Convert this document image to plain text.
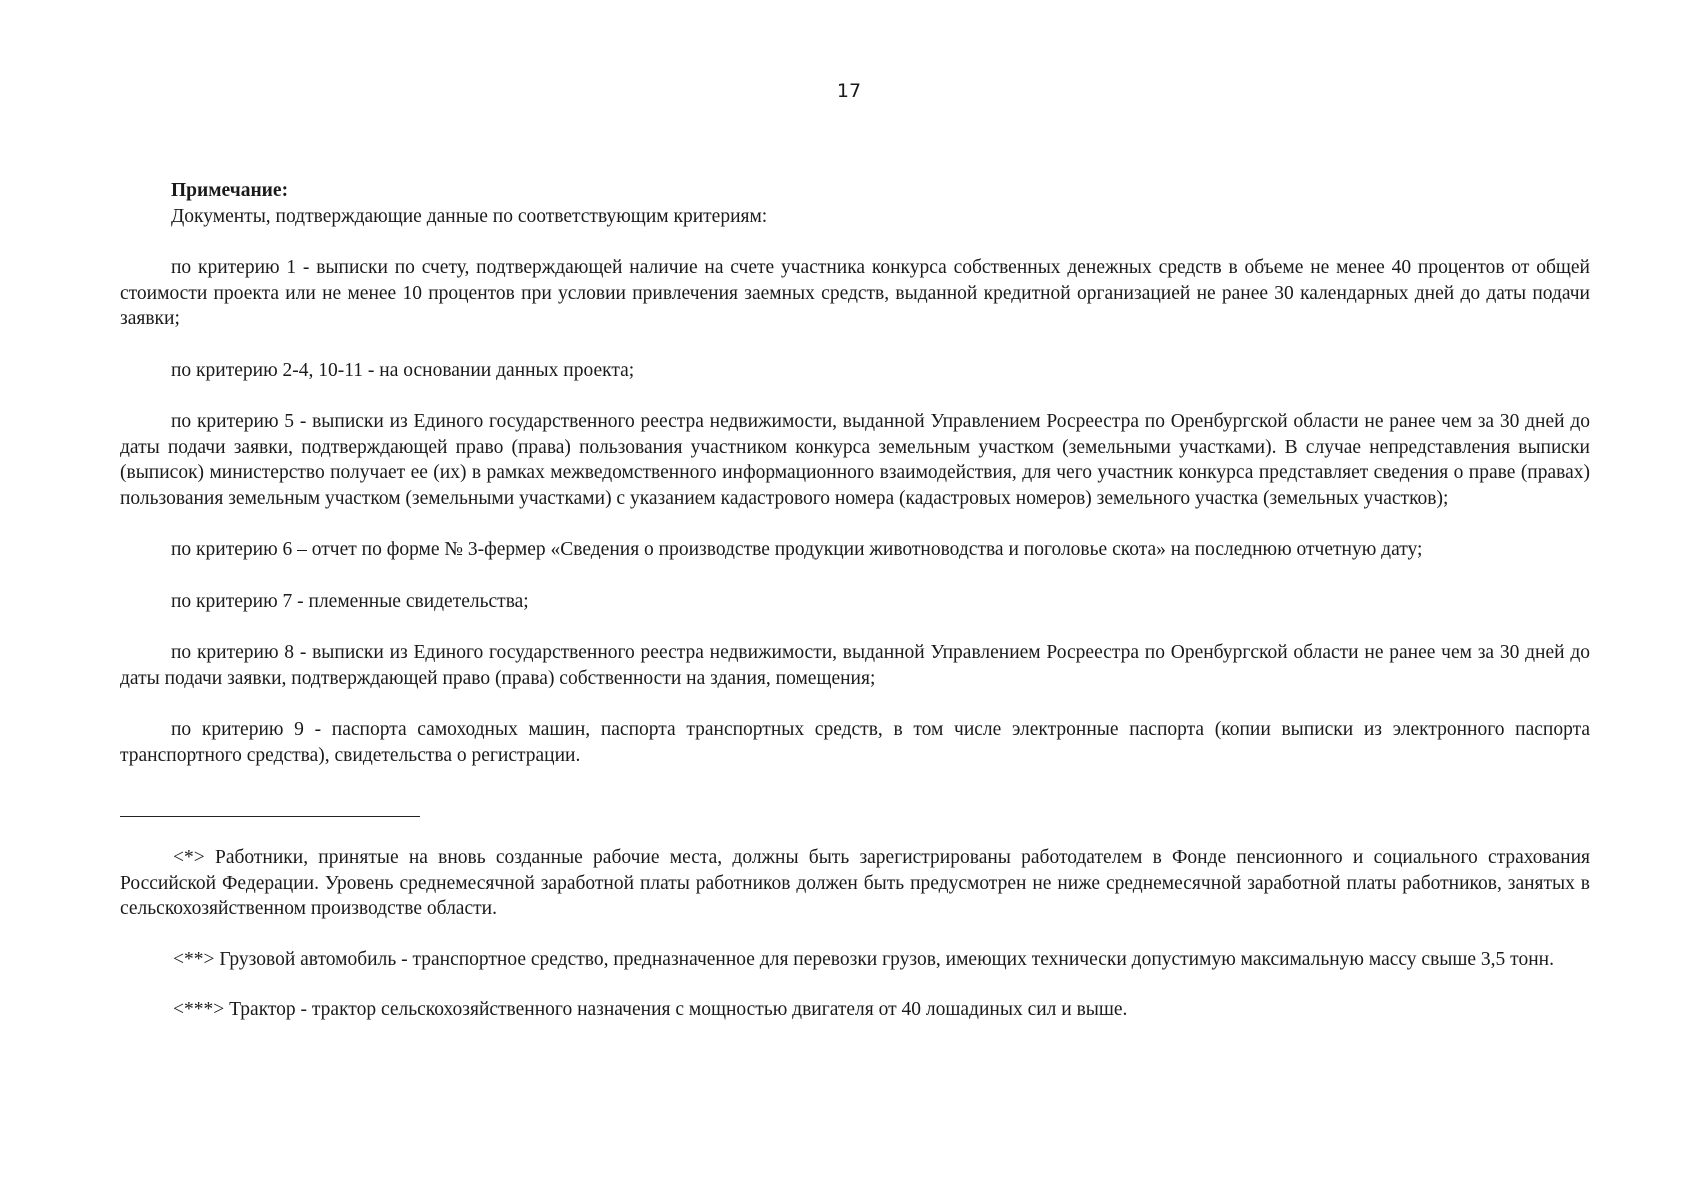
17
Примечание:
Документы, подтверждающие данные по соответствующим критериям:

по критерию 1 - выписки по счету, подтверждающей наличие на счете участника конкурса собственных денежных средств в объеме не менее 40 процентов от общей стоимости проекта или не менее 10 процентов при условии привлечения заемных средств, выданной кредитной организацией не ранее 30 календарных дней до даты подачи заявки;

по критерию 2-4, 10-11 - на основании данных проекта;

по критерию 5 - выписки из Единого государственного реестра недвижимости, выданной Управлением Росреестра по Оренбургской области не ранее чем за 30 дней до даты подачи заявки, подтверждающей право (права) пользования участником конкурса земельным участком (земельными участками). В случае непредставления выписки (выписок) министерство получает ее (их) в рамках межведомственного информационного взаимодействия, для чего участник конкурса представляет сведения о праве (правах) пользования земельным участком (земельными участками) с указанием кадастрового номера (кадастровых номеров) земельного участка (земельных участков);

по критерию 6 – отчет по форме № 3-фермер «Сведения о производстве продукции животноводства и поголовье скота» на последнюю отчетную дату;

по критерию 7 - племенные свидетельства;

по критерию 8 - выписки из Единого государственного реестра недвижимости, выданной Управлением Росреестра по Оренбургской области не ранее чем за 30 дней до даты подачи заявки, подтверждающей право (права) собственности на здания, помещения;

по критерию 9 - паспорта самоходных машин, паспорта транспортных средств, в том числе электронные паспорта (копии выписки из электронного паспорта транспортного средства), свидетельства о регистрации.

<*> Работники, принятые на вновь созданные рабочие места, должны быть зарегистрированы работодателем в Фонде пенсионного и социального страхования Российской Федерации. Уровень среднемесячной заработной платы работников должен быть предусмотрен не ниже среднемесячной заработной платы работников, занятых в сельскохозяйственном производстве области.

<**> Грузовой автомобиль - транспортное средство, предназначенное для перевозки грузов, имеющих технически допустимую максимальную массу свыше 3,5 тонн.

<***> Трактор - трактор сельскохозяйственного назначения с мощностью двигателя от 40 лошадиных сил и выше.
